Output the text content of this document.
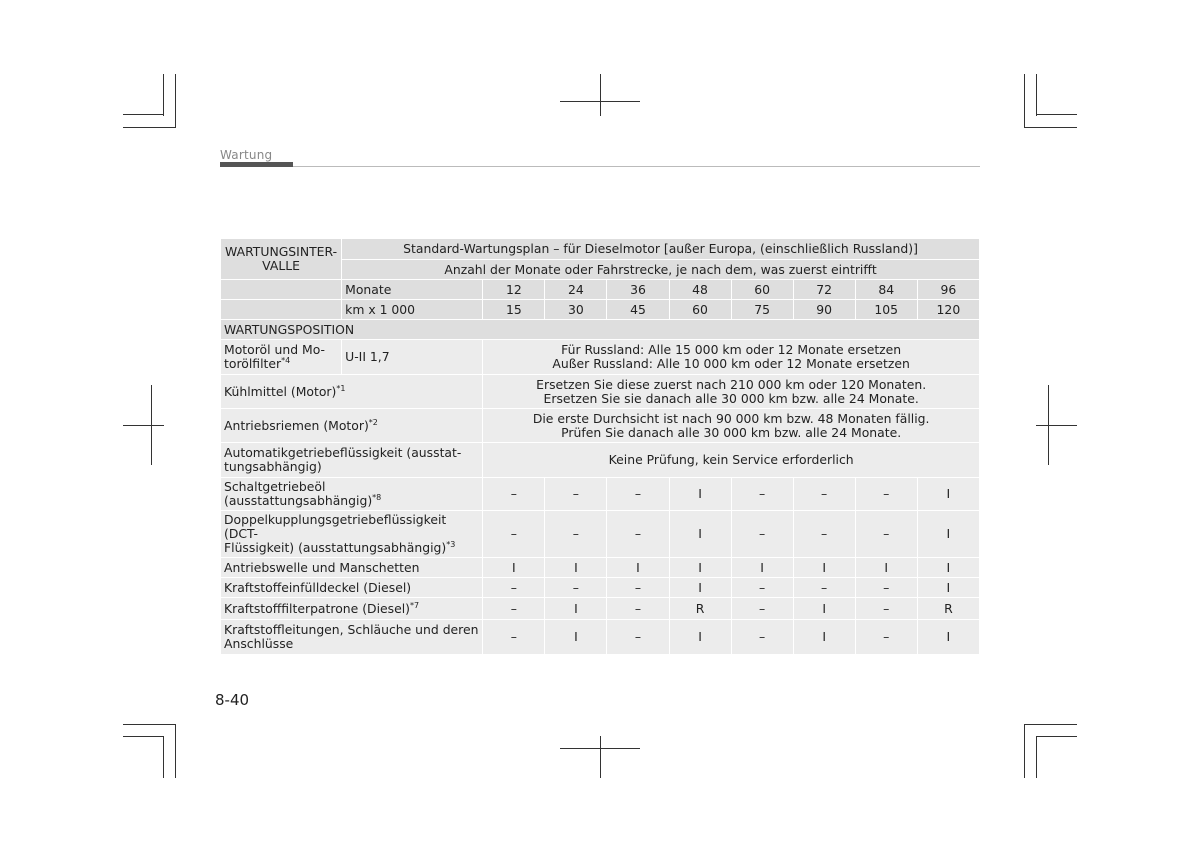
Wartung
WARTUNGSINTER-
VALLE	Standard-Wartungsplan – für Dieselmotor [außer Europa, (einschließlich Russland)]								
	Anzahl der Monate oder Fahrstrecke, je nach dem, was zuerst eintrifft								
	Monate	12	24	36	48	60	72	84	96
	km x 1 000	15	30	45	60	75	90	105	120
WARTUNGSPOSITION									
Motoröl und Mo-
torölfilter$^{*4}$	U-II 1,7	Für Russland: Alle 15 000 km oder 12 Monate ersetzen
Außer Russland: Alle 10 000 km oder 12 Monate ersetzen							
Kühlmittel (Motor)$^{*1}$		Ersetzen Sie diese zuerst nach 210 000 km oder 120 Monaten.
Ersetzen Sie sie danach alle 30 000 km bzw. alle 24 Monate.							
Antriebsriemen (Motor)$^{*2}$		Die erste Durchsicht ist nach 90 000 km bzw. 48 Monaten fällig.
Prüfen Sie danach alle 30 000 km bzw. alle 24 Monate.							
Automatikgetriebeflüssigkeit (ausstat-
tungsabhängig)		Keine Prüfung, kein Service erforderlich							
Schaltgetriebeöl (ausstattungsabhängig)$^{*8}$		–	–	–	I	–	–	–	I
Doppelkupplungsgetriebeflüssigkeit (DCT-
Flüssigkeit) (ausstattungsabhängig)$^{*3}$		–	–	–	I	–	–	–	I
Antriebswelle und Manschetten		I	I	I	I	I	I	I	I
Kraftstoffeinfülldeckel (Diesel)		–	–	–	I	–	–	–	I
Kraftstofffilterpatrone (Diesel)$^{*7}$		–	I	–	R	–	I	–	R
Kraftstoffleitungen, Schläuche und deren
Anschlüsse		–	I	–	I	–	I	–	I
8-40
